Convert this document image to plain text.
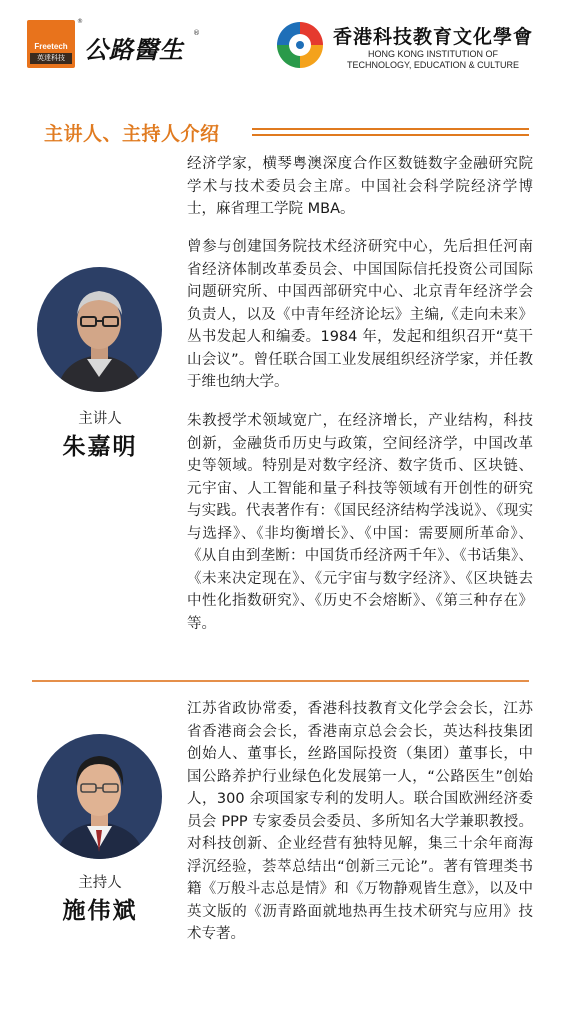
Freetech
英達科技
®
公路醫生
®	香港科技教育文化學會
HONG KONG INSTITUTION OF
TECHNOLOGY, EDUCATION & CULTURE
主讲人、主持人介绍

经济学家，横琴粤澳深度合作区数链数字金融研究院学术与技术委员会主席。中国社会科学院经济学博士，麻省理工学院 MBA。

曾参与创建国务院技术经济研究中心，先后担任河南省经济体制改革委员会、中国国际信托投资公司国际问题研究所、中国西部研究中心、北京青年经济学会负责人，以及《中青年经济论坛》主编,《走向未来》丛书发起人和编委。1984 年，发起和组织召开“莫干山会议”。曾任联合国工业发展组织经济学家，并任教于维也纳大学。

朱教授学术领域宽广，在经济增长，产业结构，科技创新，金融货币历史与政策，空间经济学，中国改革史等领域。特别是对数字经济、数字货币、区块链、元宇宙、人工智能和量子科技等领域有开创性的研究与实践。代表著作有：《国民经济结构学浅说》、《现实与选择》、《非均衡增长》、《中国：需要厕所革命》、《从自由到垄断：中国货币经济两千年》、《书话集》、《未来决定现在》、《元宇宙与数字经济》、《区块链去中性化指数研究》、《历史不会熔断》、《第三种存在》等。

主讲人
朱嘉明

江苏省政协常委，香港科技教育文化学会会长，江苏省香港商会会长，香港南京总会会长，英达科技集团创始人、董事长，丝路国际投资（集团）董事长，中国公路养护行业绿色化发展第一人，“公路医生”创始人，300 余项国家专利的发明人。联合国欧洲经济委员会 PPP 专家委员会委员、多所知名大学兼职教授。对科技创新、企业经营有独特见解，集三十余年商海浮沉经验，荟萃总结出“创新三元论”。著有管理类书籍《万般斗志总是情》和《万物静观皆生意》，以及中英文版的《沥青路面就地热再生技术研究与应用》技术专著。

主持人
施伟斌
